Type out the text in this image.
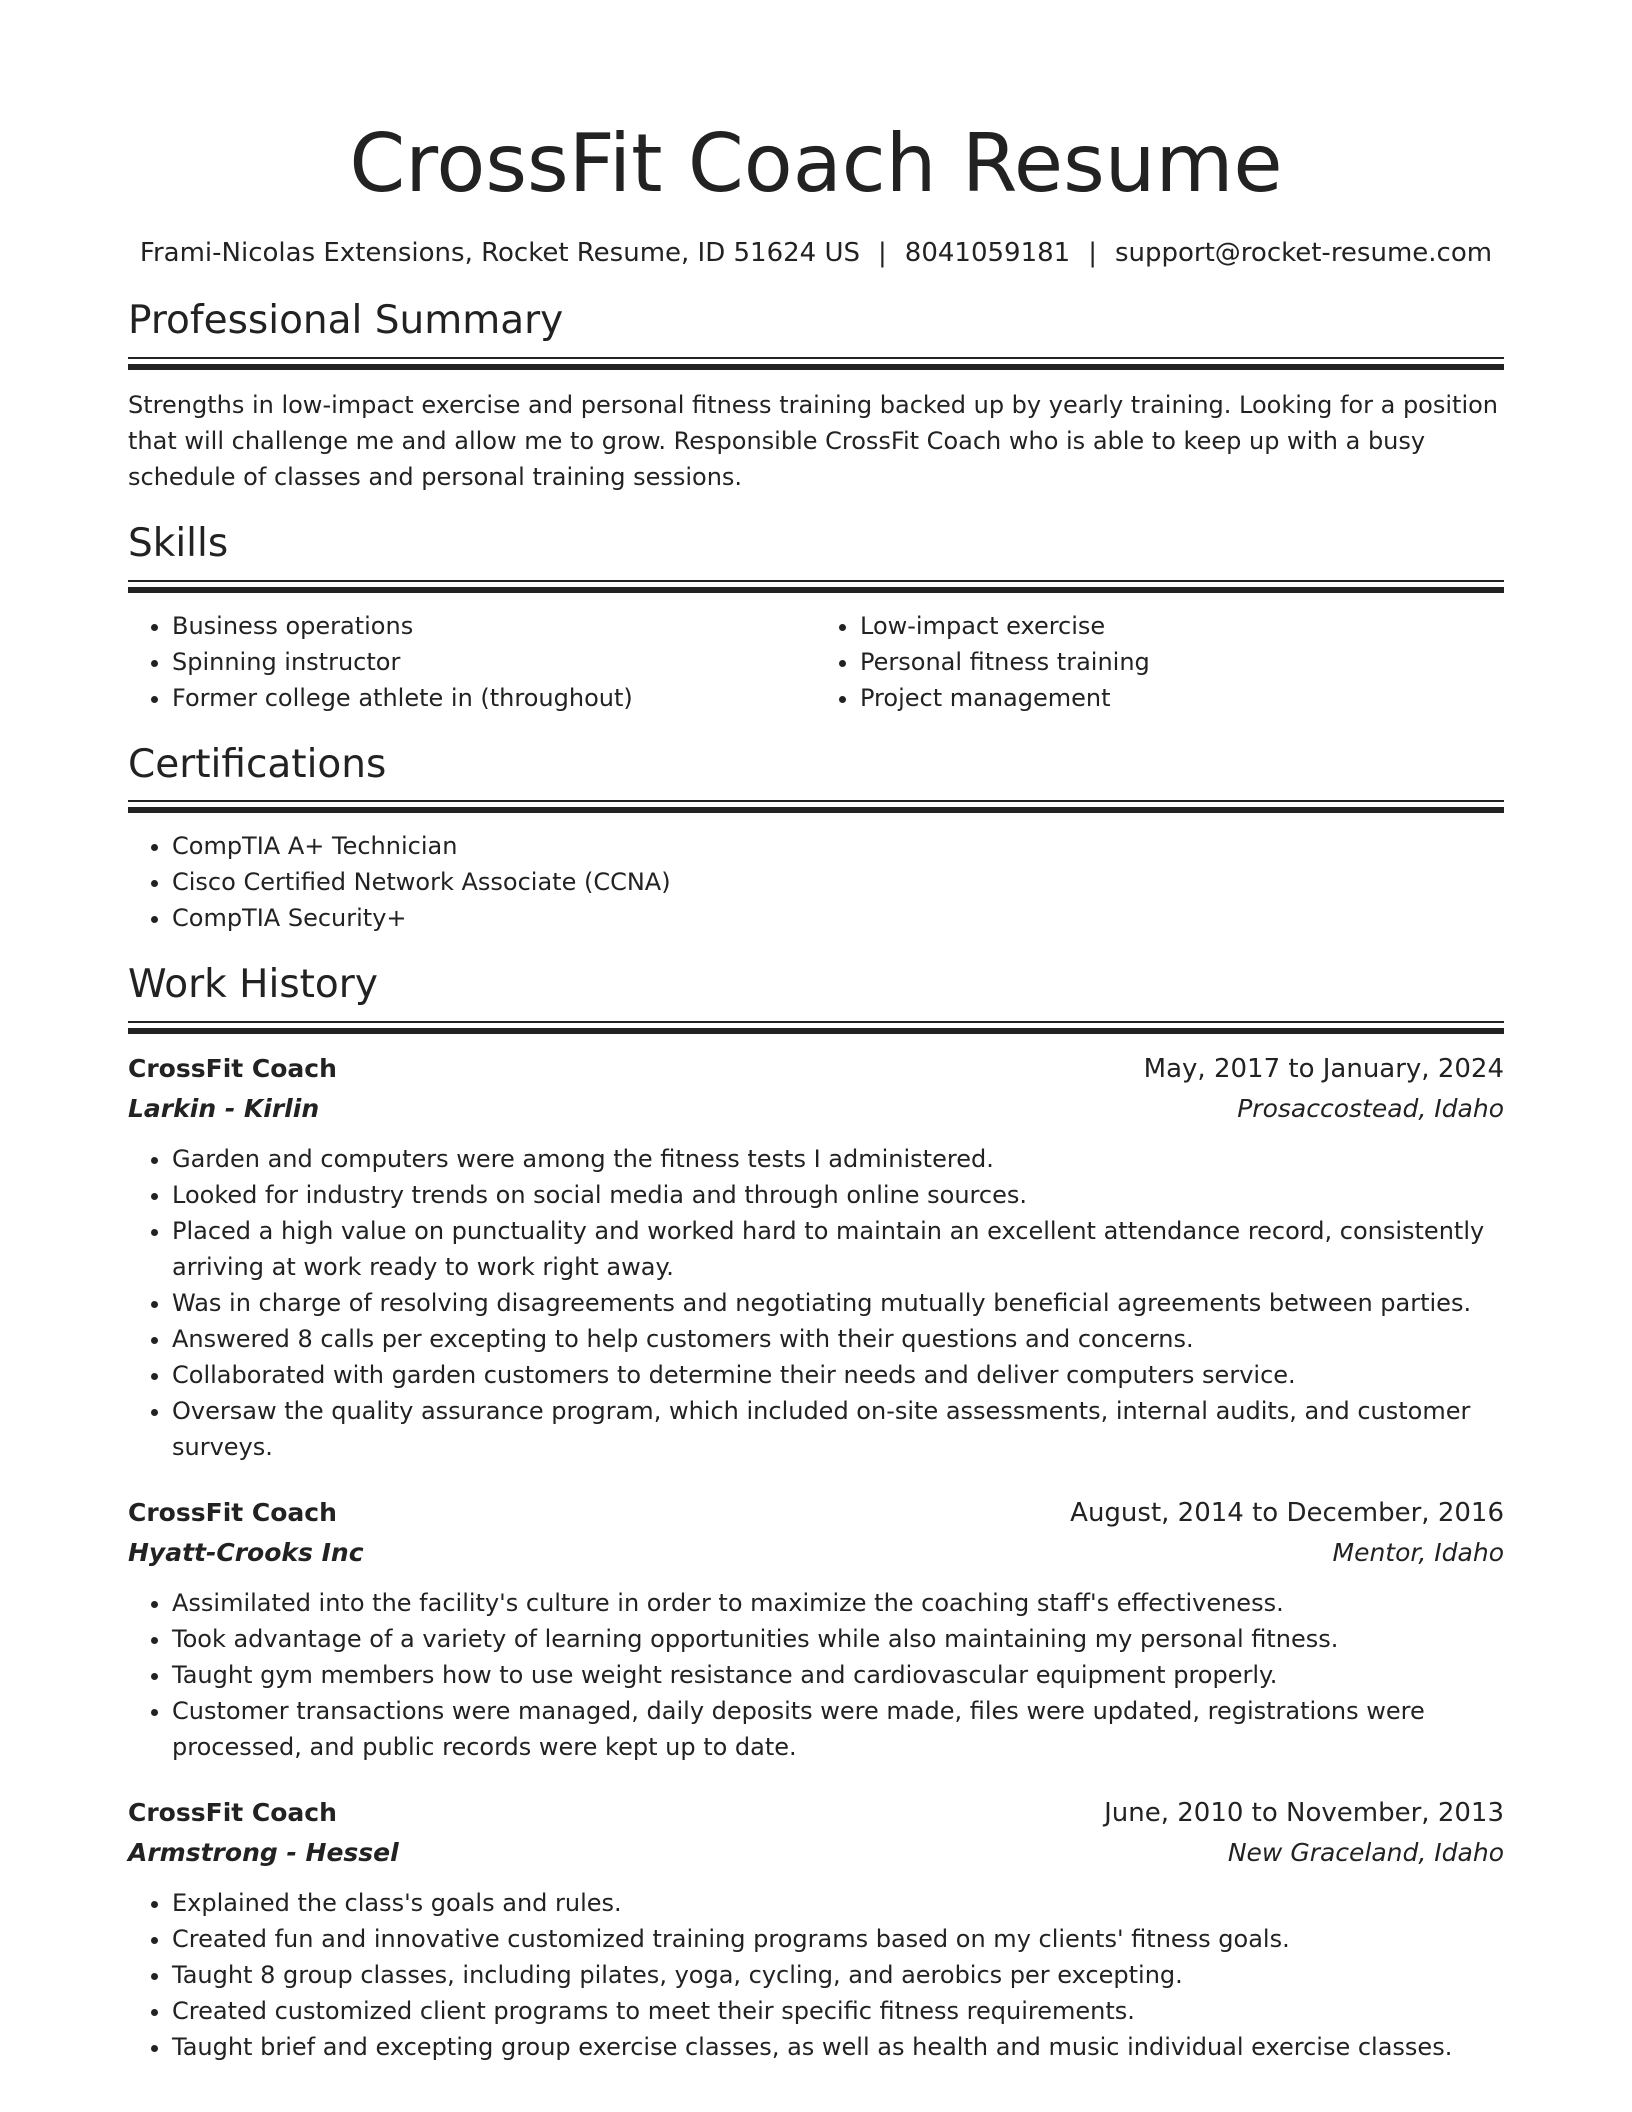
CrossFit Coach Resume
Frami-Nicolas Extensions, Rocket Resume, ID 51624 US | 8041059181 | support@rocket-resume.com
Professional Summary
Strengths in low-impact exercise and personal fitness training backed up by yearly training. Looking for a position that will challenge me and allow me to grow. Responsible CrossFit Coach who is able to keep up with a busy schedule of classes and personal training sessions.
Skills
• Business operations
• Spinning instructor
• Former college athlete in (throughout)
• Low-impact exercise
• Personal fitness training
• Project management
Certifications
• CompTIA A+ Technician
• Cisco Certified Network Associate (CCNA)
• CompTIA Security+
Work History
CrossFit Coach	May, 2017 to January, 2024
Larkin - Kirlin	Prosaccostead, Idaho
• Garden and computers were among the fitness tests I administered.
• Looked for industry trends on social media and through online sources.
• Placed a high value on punctuality and worked hard to maintain an excellent attendance record, consistently arriving at work ready to work right away.
• Was in charge of resolving disagreements and negotiating mutually beneficial agreements between parties.
• Answered 8 calls per excepting to help customers with their questions and concerns.
• Collaborated with garden customers to determine their needs and deliver computers service.
• Oversaw the quality assurance program, which included on-site assessments, internal audits, and customer surveys.
CrossFit Coach	August, 2014 to December, 2016
Hyatt-Crooks Inc	Mentor, Idaho
• Assimilated into the facility's culture in order to maximize the coaching staff's effectiveness.
• Took advantage of a variety of learning opportunities while also maintaining my personal fitness.
• Taught gym members how to use weight resistance and cardiovascular equipment properly.
• Customer transactions were managed, daily deposits were made, files were updated, registrations were processed, and public records were kept up to date.
CrossFit Coach	June, 2010 to November, 2013
Armstrong - Hessel	New Graceland, Idaho
• Explained the class's goals and rules.
• Created fun and innovative customized training programs based on my clients' fitness goals.
• Taught 8 group classes, including pilates, yoga, cycling, and aerobics per excepting.
• Created customized client programs to meet their specific fitness requirements.
• Taught brief and excepting group exercise classes, as well as health and music individual exercise classes.
